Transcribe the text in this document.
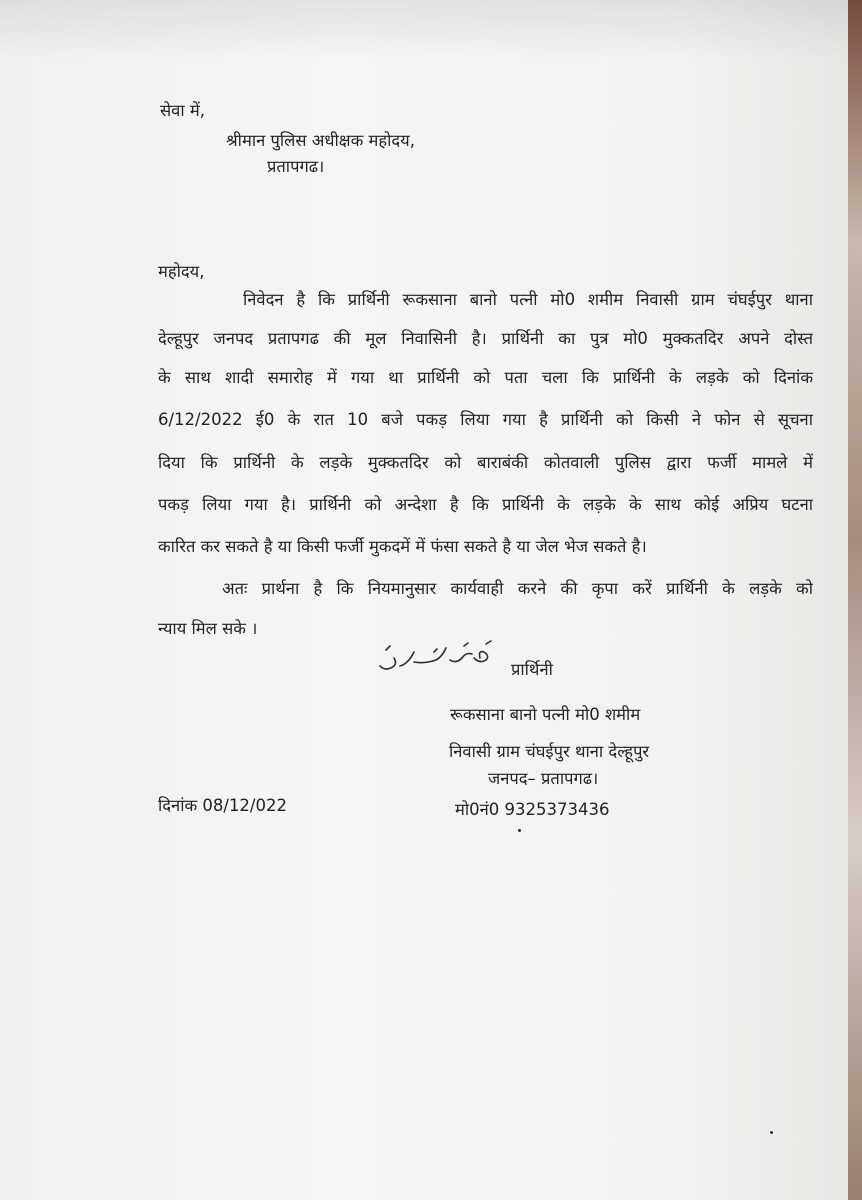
सेवा में,
श्रीमान पुलिस अधीक्षक महोदय,
प्रतापगढ।
महोदय,
निवेदन है कि प्रार्थिनी रूकसाना बानो पत्नी मो0 शमीम निवासी ग्राम चंघईपुर थाना
देल्हूपुर जनपद प्रतापगढ की मूल निवासिनी है। प्रार्थिनी का पुत्र मो0 मुक्कतदिर अपने दोस्त
के साथ शादी समारोह में गया था प्रार्थिनी को पता चला कि प्रार्थिनी के लड़के को दिनांक
6/12/2022 ई0 के रात 10 बजे पकड़ लिया गया है प्रार्थिनी को किसी ने फोन से सूचना
दिया कि प्रार्थिनी के लड़के मुक्कतदिर को बाराबंकी कोतवाली पुलिस द्वारा फर्जी मामले में
पकड़ लिया गया है। प्रार्थिनी को अन्देशा है कि प्रार्थिनी के लड़के के साथ कोई अप्रिय घटना
कारित कर सकते है या किसी फर्जी मुकदमें में फंसा सकते है या जेल भेज सकते है।
अतः प्रार्थना है कि नियमानुसार कार्यवाही करने की कृपा करें प्रार्थिनी के लड़के को
न्याय मिल सके ।
प्रार्थिनी
रूकसाना बानो पत्नी मो0 शमीम
निवासी ग्राम चंघईपुर थाना देल्हूपुर
जनपद– प्रतापगढ।
दिनांक 08/12/022	मो0नं0 9325373436
